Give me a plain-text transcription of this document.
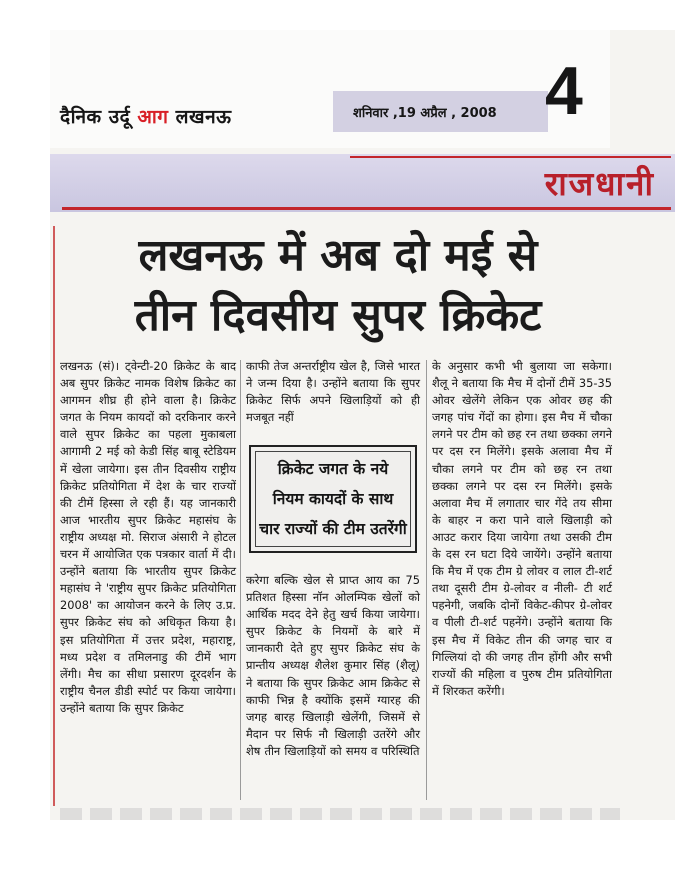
दैनिक उर्दू आग लखनऊ	शनिवार ,19 अप्रैल , 2008 4
राजधानी
लखनऊ में अब दो मई से
तीन दिवसीय सुपर क्रिकेट
लखनऊ (सं)। ट्वेन्टी-20 क्रिकेट के बाद अब सुपर क्रिकेट नामक विशेष क्रिकेट का आगमन शीघ्र ही होने वाला है। क्रिकेट जगत के नियम कायदों को दरकिनार करने वाले सुपर क्रिकेट का पहला मुकाबला आगामी 2 मई को केडी सिंह बाबू स्टेडियम में खेला जायेगा। इस तीन दिवसीय राष्ट्रीय क्रिकेट प्रतियोगिता में देश के चार राज्यों की टीमें हिस्सा ले रही हैं। यह जानकारी आज भारतीय सुपर क्रिकेट महासंघ के राष्ट्रीय अध्यक्ष मो. सिराज अंसारी ने होटल चरन में आयोजित एक पत्रकार वार्ता में दी। उन्होंने बताया कि भारतीय सुपर क्रिकेट महासंघ ने 'राष्ट्रीय सुपर क्रिकेट प्रतियोगिता 2008' का आयोजन करने के लिए उ.प्र. सुपर क्रिकेट संघ को अधिकृत किया है। इस प्रतियोगिता में उत्तर प्रदेश, महाराष्ट्र, मध्य प्रदेश व तमिलनाडु की टीमें भाग लेंगी। मैच का सीधा प्रसारण दूरदर्शन के राष्ट्रीय चैनल डीडी स्पोर्ट पर किया जायेगा। उन्होंने बताया कि सुपर क्रिकेट
काफी तेज अन्तर्राष्ट्रीय खेल है, जिसे भारत ने जन्म दिया है। उन्होंने बताया कि सुपर क्रिकेट सिर्फ अपने खिलाड़ियों को ही मजबूत नहीं
क्रिकेट जगत के नये
नियम कायदों के साथ
चार राज्यों की टीम उतरेंगी
करेगा बल्कि खेल से प्राप्त आय का 75 प्रतिशत हिस्सा नॉन ओलम्पिक खेलों को आर्थिक मदद देने हेतु खर्च किया जायेगा। सुपर क्रिकेट के नियमों के बारे में जानकारी देते हुए सुपर क्रिकेट संघ के प्रान्तीय अध्यक्ष शैलेश कुमार सिंह (शैलू) ने बताया कि सुपर क्रिकेट आम क्रिकेट से काफी भिन्न है क्योंकि इसमें ग्यारह की जगह बारह खिलाड़ी खेलेंगी, जिसमें से मैदान पर सिर्फ नौ खिलाड़ी उतरेंगे और शेष तीन खिलाड़ियों को समय व परिस्थिति
के अनुसार कभी भी बुलाया जा सकेगा। शैलू ने बताया कि मैच में दोनों टीमें 35-35 ओवर खेलेंगे लेकिन एक ओवर छह की जगह पांच गेंदों का होगा। इस मैच में चौका लगने पर टीम को छह रन तथा छक्का लगने पर दस रन मिलेंगे। इसके अलावा मैच में चौका लगने पर टीम को छह रन तथा छक्का लगने पर दस रन मिलेंगे। इसके अलावा मैच में लगातार चार गेंदे तय सीमा के बाहर न करा पाने वाले खिलाड़ी को आउट करार दिया जायेगा तथा उसकी टीम के दस रन घटा दिये जायेंगे। उन्होंने बताया कि मैच में एक टीम ग्रे लोवर व लाल टी-शर्ट तथा दूसरी टीम ग्रे-लोवर व नीली- टी शर्ट पहनेगी, जबकि दोनों विकेट-कीपर ग्रे-लोवर व पीली टी-शर्ट पहनेंगे। उन्होंने बताया कि इस मैच में विकेट तीन की जगह चार व गिल्लियां दो की जगह तीन होंगी और सभी राज्यों की महिला व पुरुष टीम प्रतियोगिता में शिरकत करेंगी।
